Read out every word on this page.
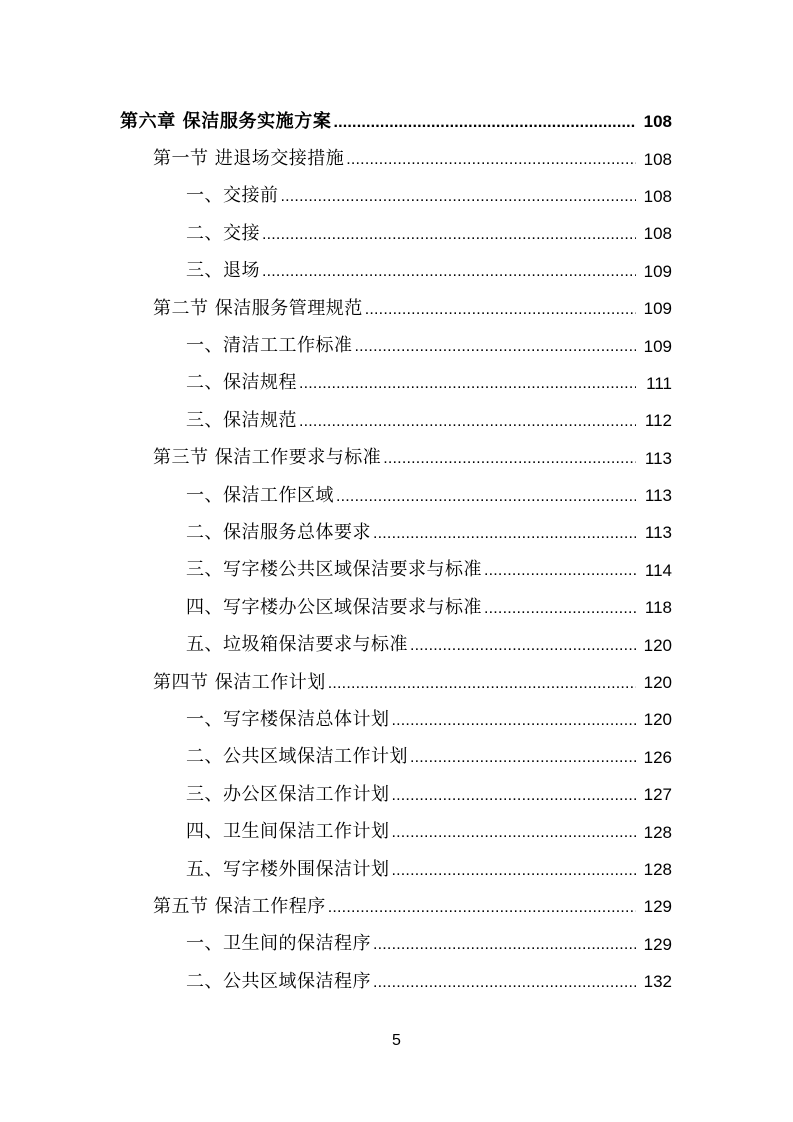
第六章 保洁服务实施方案 .....	108
第一节 进退场交接措施 .....	108
一、交接前 .....	108
二、交接 .....	108
三、退场 .....	109
第二节 保洁服务管理规范 .....	109
一、清洁工工作标准 .....	109
二、保洁规程 .....	111
三、保洁规范 .....	112
第三节 保洁工作要求与标准 .....	113
一、保洁工作区域 .....	113
二、保洁服务总体要求 .....	113
三、写字楼公共区域保洁要求与标准 .....	114
四、写字楼办公区域保洁要求与标准 .....	118
五、垃圾箱保洁要求与标准 .....	120
第四节 保洁工作计划 .....	120
一、写字楼保洁总体计划 .....	120
二、公共区域保洁工作计划 .....	126
三、办公区保洁工作计划 .....	127
四、卫生间保洁工作计划 .....	128
五、写字楼外围保洁计划 .....	128
第五节 保洁工作程序 .....	129
一、卫生间的保洁程序 .....	129
二、公共区域保洁程序 .....	132
5
